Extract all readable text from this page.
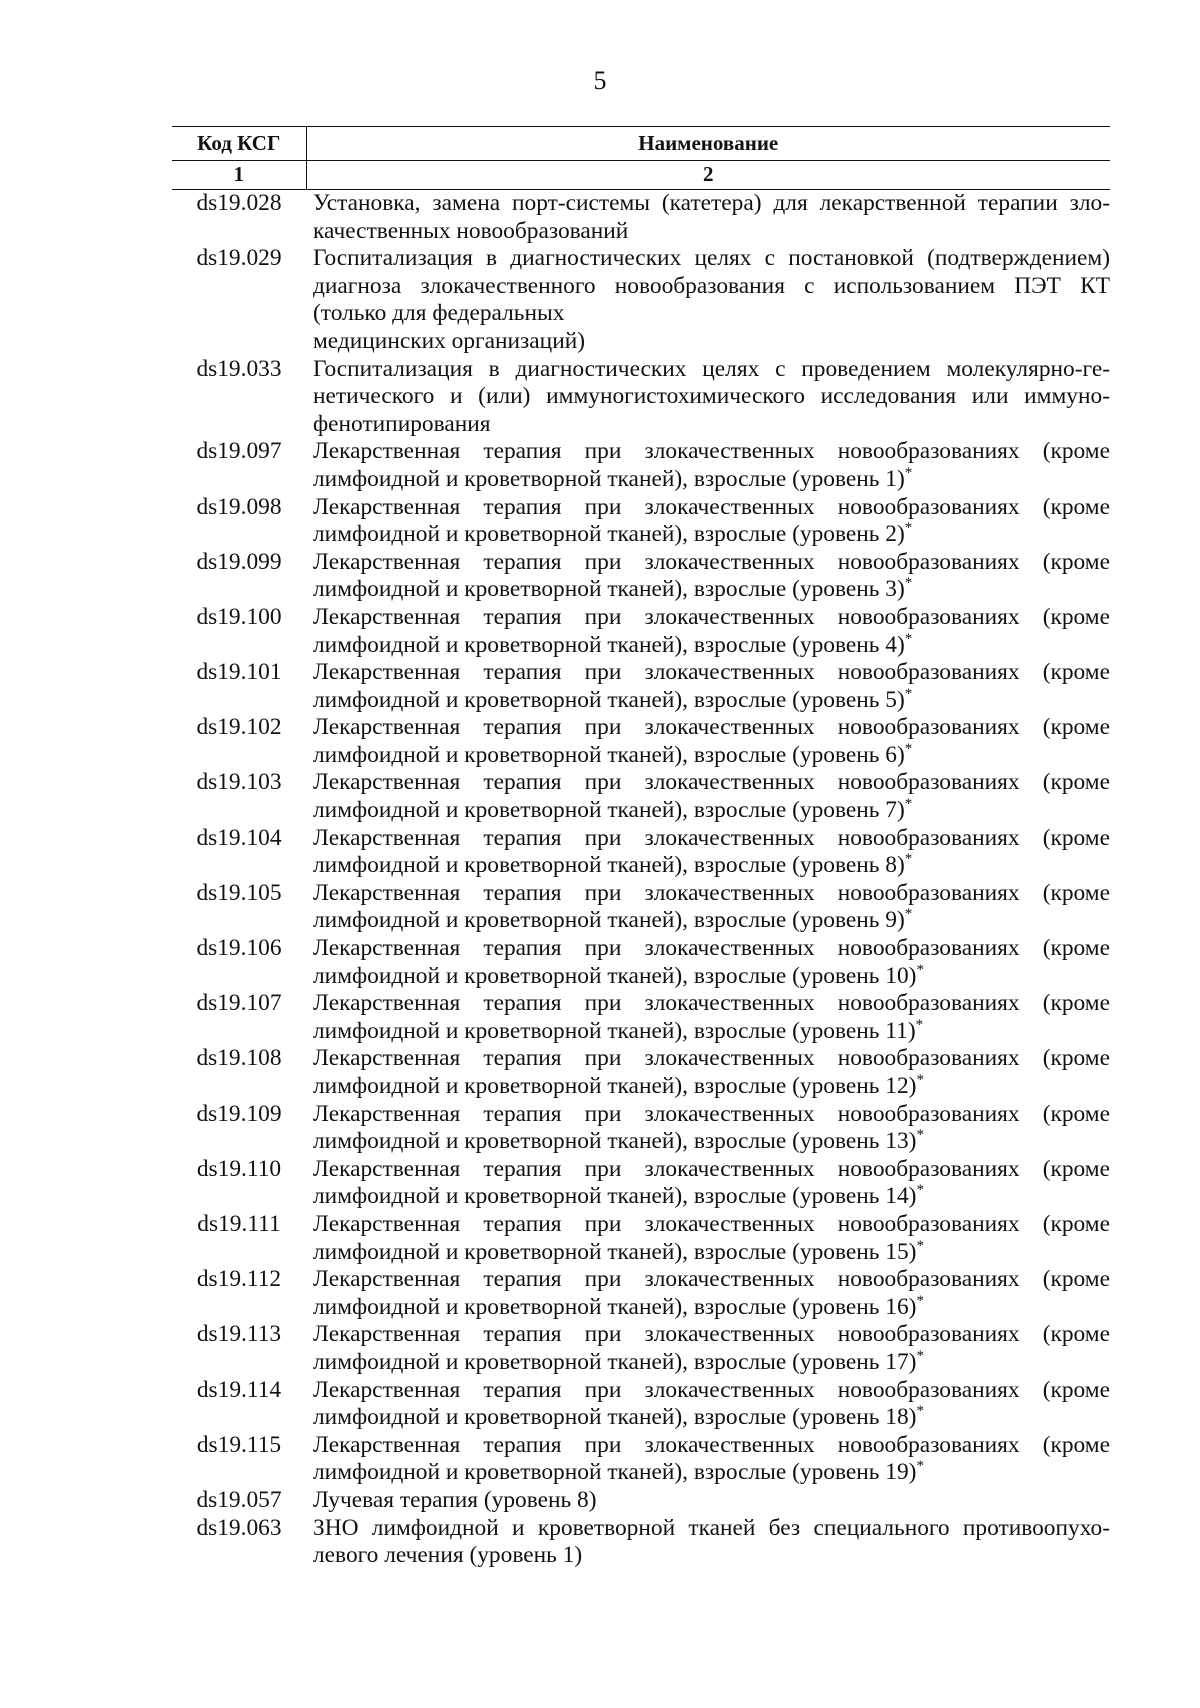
5
Код КСГ	Наименование
1	2
ds19.028	Установка, замена порт-системы (катетера) для лекарственной терапии зло-
качественных новообразований

ds19.029	Госпитализация в диагностических целях с постановкой (подтверждением)
диагноза злокачественного новообразования с использованием ПЭТ КТ
(только для федеральных
медицинских организаций)

ds19.033	Госпитализация в диагностических целях с проведением молекулярно-ге-
нетического и (или) иммуногистохимического исследования или иммуно-
фенотипирования

ds19.097	Лекарственная терапия при злокачественных новообразованиях (кроме
лимфоидной и кроветворной тканей), взрослые (уровень 1)*

ds19.098	Лекарственная терапия при злокачественных новообразованиях (кроме
лимфоидной и кроветворной тканей), взрослые (уровень 2)*

ds19.099	Лекарственная терапия при злокачественных новообразованиях (кроме
лимфоидной и кроветворной тканей), взрослые (уровень 3)*

ds19.100	Лекарственная терапия при злокачественных новообразованиях (кроме
лимфоидной и кроветворной тканей), взрослые (уровень 4)*

ds19.101	Лекарственная терапия при злокачественных новообразованиях (кроме
лимфоидной и кроветворной тканей), взрослые (уровень 5)*

ds19.102	Лекарственная терапия при злокачественных новообразованиях (кроме
лимфоидной и кроветворной тканей), взрослые (уровень 6)*

ds19.103	Лекарственная терапия при злокачественных новообразованиях (кроме
лимфоидной и кроветворной тканей), взрослые (уровень 7)*

ds19.104	Лекарственная терапия при злокачественных новообразованиях (кроме
лимфоидной и кроветворной тканей), взрослые (уровень 8)*

ds19.105	Лекарственная терапия при злокачественных новообразованиях (кроме
лимфоидной и кроветворной тканей), взрослые (уровень 9)*

ds19.106	Лекарственная терапия при злокачественных новообразованиях (кроме
лимфоидной и кроветворной тканей), взрослые (уровень 10)*

ds19.107	Лекарственная терапия при злокачественных новообразованиях (кроме
лимфоидной и кроветворной тканей), взрослые (уровень 11)*

ds19.108	Лекарственная терапия при злокачественных новообразованиях (кроме
лимфоидной и кроветворной тканей), взрослые (уровень 12)*

ds19.109	Лекарственная терапия при злокачественных новообразованиях (кроме
лимфоидной и кроветворной тканей), взрослые (уровень 13)*

ds19.110	Лекарственная терапия при злокачественных новообразованиях (кроме
лимфоидной и кроветворной тканей), взрослые (уровень 14)*

ds19.111	Лекарственная терапия при злокачественных новообразованиях (кроме
лимфоидной и кроветворной тканей), взрослые (уровень 15)*

ds19.112	Лекарственная терапия при злокачественных новообразованиях (кроме
лимфоидной и кроветворной тканей), взрослые (уровень 16)*

ds19.113	Лекарственная терапия при злокачественных новообразованиях (кроме
лимфоидной и кроветворной тканей), взрослые (уровень 17)*

ds19.114	Лекарственная терапия при злокачественных новообразованиях (кроме
лимфоидной и кроветворной тканей), взрослые (уровень 18)*

ds19.115	Лекарственная терапия при злокачественных новообразованиях (кроме
лимфоидной и кроветворной тканей), взрослые (уровень 19)*

ds19.057	Лучевая терапия (уровень 8)

ds19.063	ЗНО лимфоидной и кроветворной тканей без специального противоопухо-
левого лечения (уровень 1)
